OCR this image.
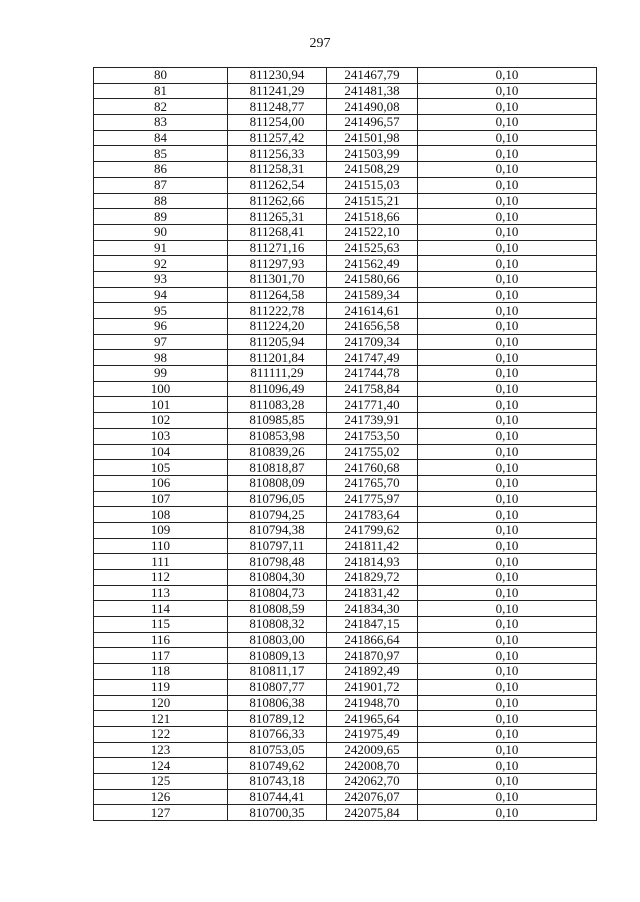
297
80	811230,94	241467,79	0,10
81	811241,29	241481,38	0,10
82	811248,77	241490,08	0,10
83	811254,00	241496,57	0,10
84	811257,42	241501,98	0,10
85	811256,33	241503,99	0,10
86	811258,31	241508,29	0,10
87	811262,54	241515,03	0,10
88	811262,66	241515,21	0,10
89	811265,31	241518,66	0,10
90	811268,41	241522,10	0,10
91	811271,16	241525,63	0,10
92	811297,93	241562,49	0,10
93	811301,70	241580,66	0,10
94	811264,58	241589,34	0,10
95	811222,78	241614,61	0,10
96	811224,20	241656,58	0,10
97	811205,94	241709,34	0,10
98	811201,84	241747,49	0,10
99	811111,29	241744,78	0,10
100	811096,49	241758,84	0,10
101	811083,28	241771,40	0,10
102	810985,85	241739,91	0,10
103	810853,98	241753,50	0,10
104	810839,26	241755,02	0,10
105	810818,87	241760,68	0,10
106	810808,09	241765,70	0,10
107	810796,05	241775,97	0,10
108	810794,25	241783,64	0,10
109	810794,38	241799,62	0,10
110	810797,11	241811,42	0,10
111	810798,48	241814,93	0,10
112	810804,30	241829,72	0,10
113	810804,73	241831,42	0,10
114	810808,59	241834,30	0,10
115	810808,32	241847,15	0,10
116	810803,00	241866,64	0,10
117	810809,13	241870,97	0,10
118	810811,17	241892,49	0,10
119	810807,77	241901,72	0,10
120	810806,38	241948,70	0,10
121	810789,12	241965,64	0,10
122	810766,33	241975,49	0,10
123	810753,05	242009,65	0,10
124	810749,62	242008,70	0,10
125	810743,18	242062,70	0,10
126	810744,41	242076,07	0,10
127	810700,35	242075,84	0,10
